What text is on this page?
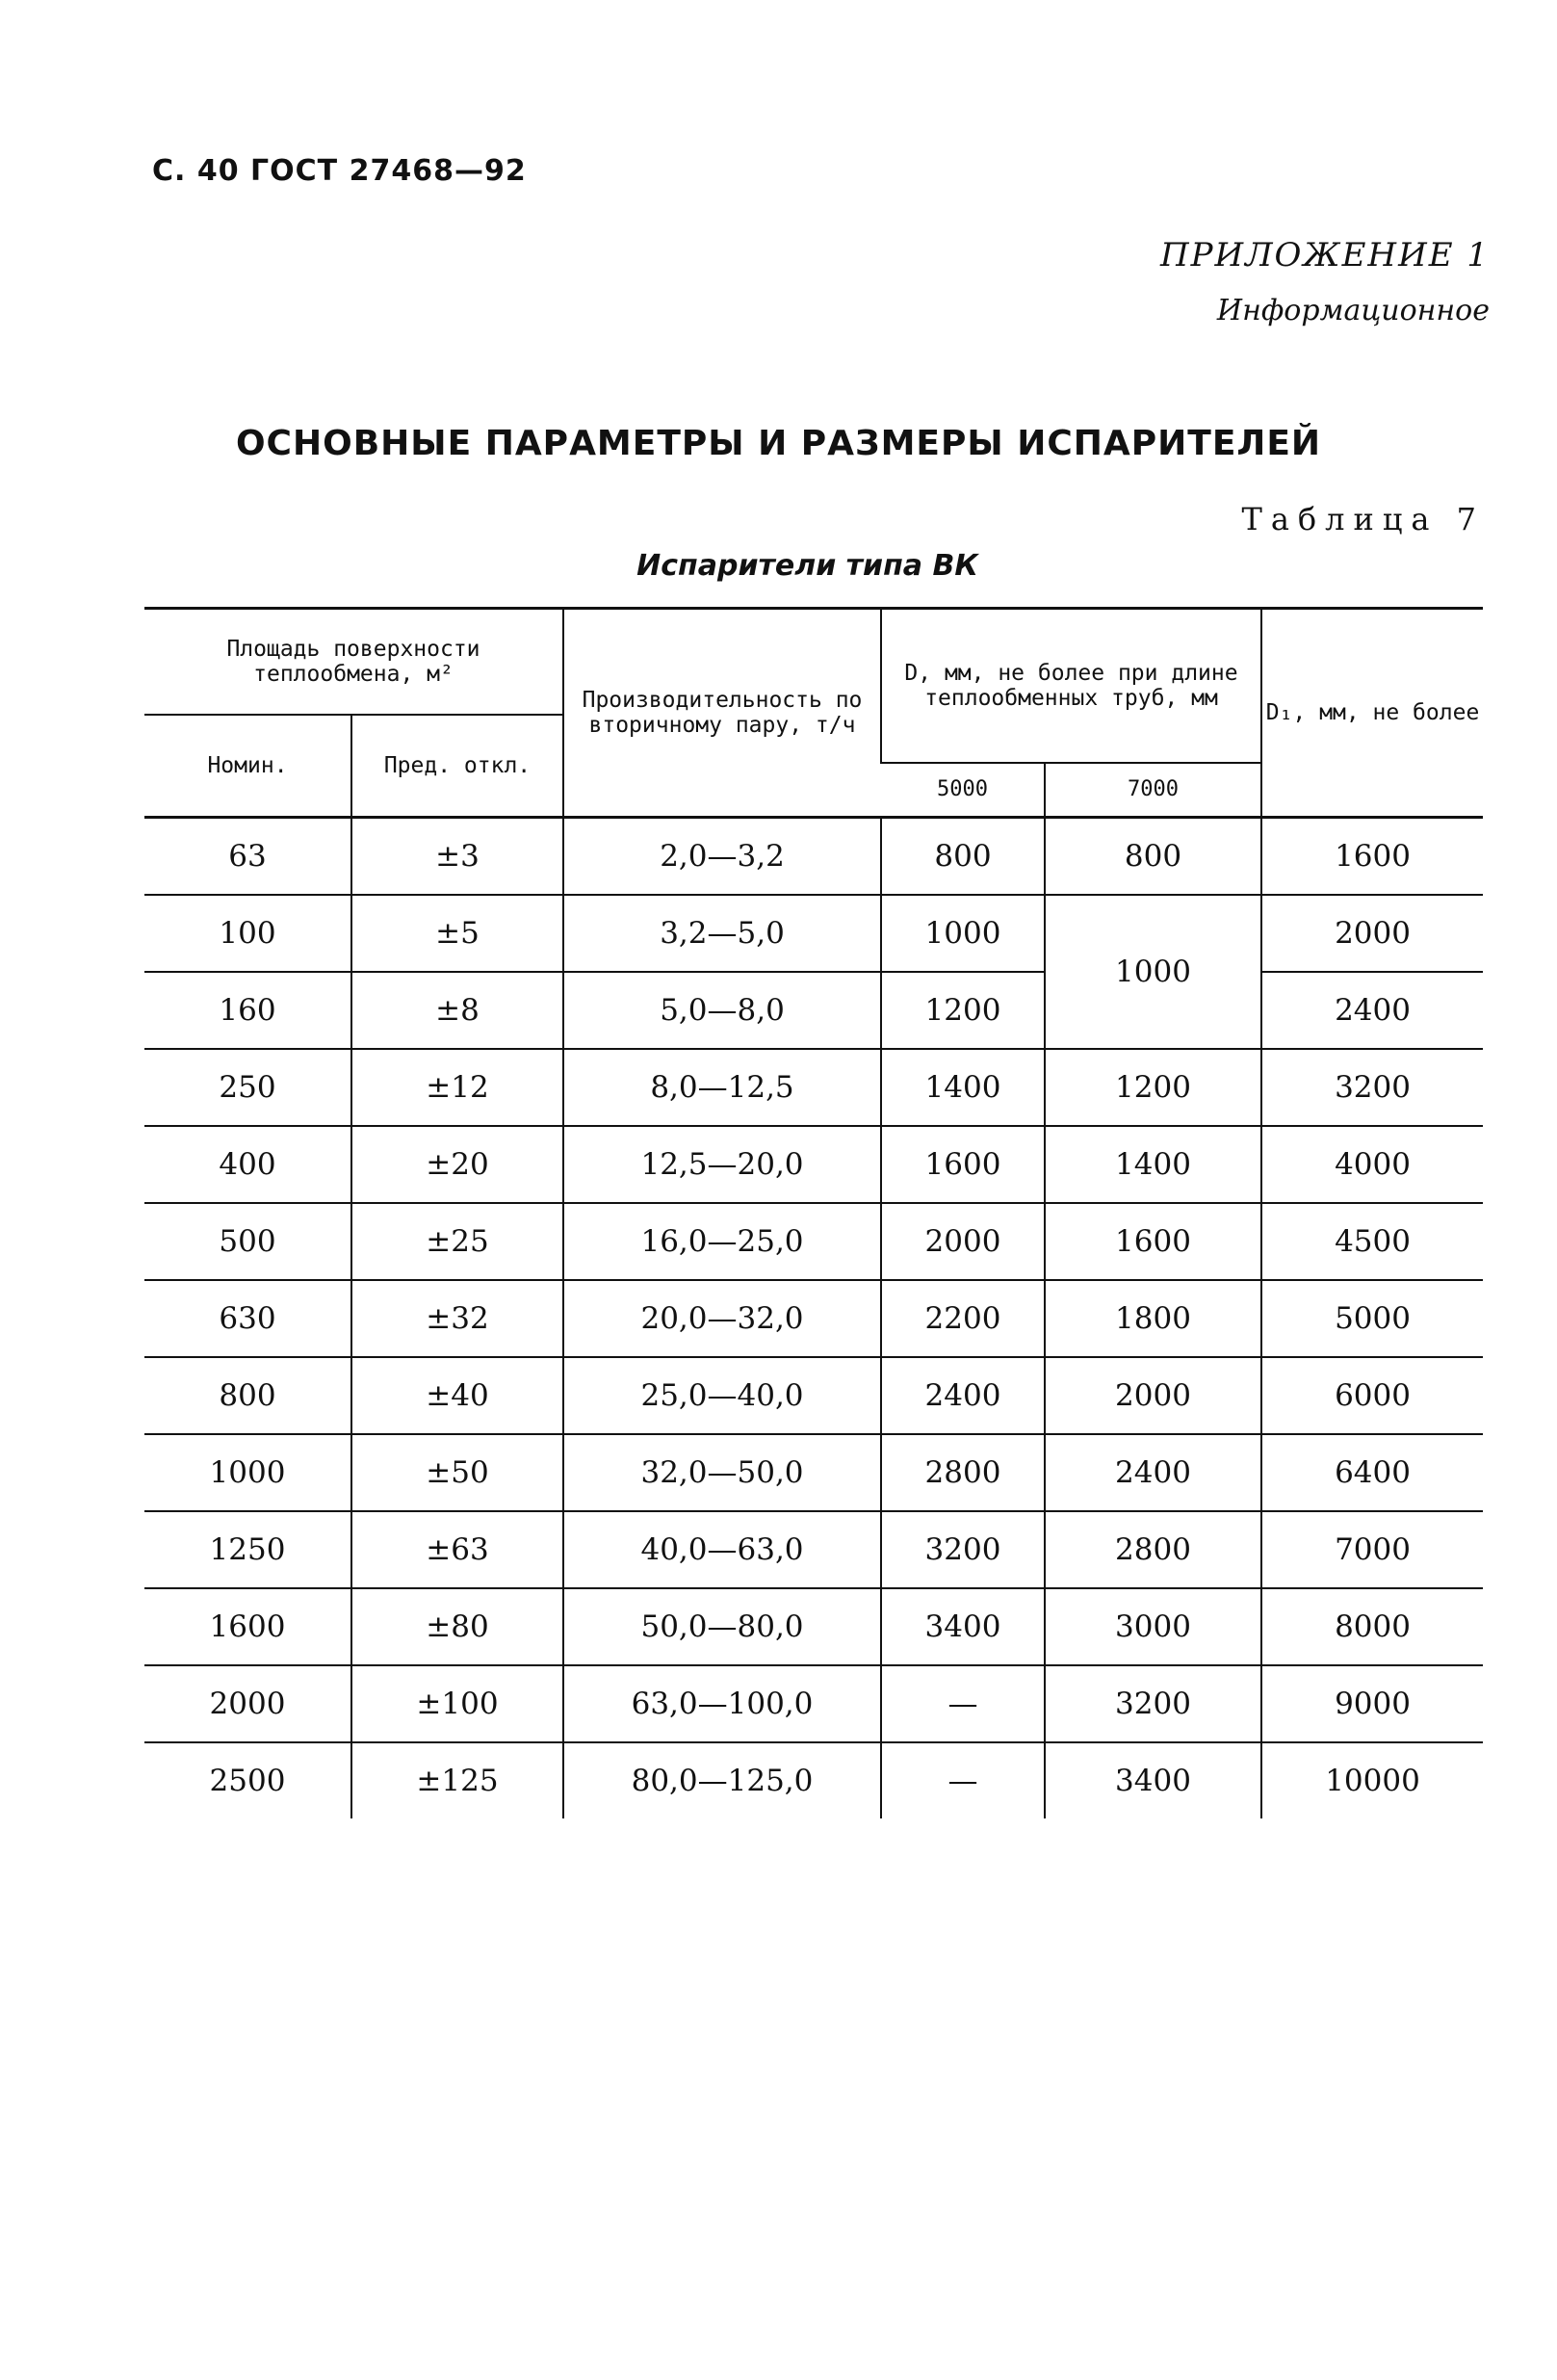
С. 40 ГОСТ 27468—92
ПРИЛОЖЕНИЕ 1
Информационное
ОСНОВНЫЕ ПАРАМЕТРЫ И РАЗМЕРЫ ИСПАРИТЕЛЕЙ
Таблица 7
Испарители типа ВК
Площадь поверхности теплообмена, м²		Производительность по вторичному пару, т/ч	D, мм, не более при длине теплообменных труб, мм		D₁, мм, не более
Номин.	Пред. откл.				
			5000	7000	
63	±3	2,0—3,2	800	800	1600
100	±5	3,2—5,0	1000	1000	2000
160	±8	5,0—8,0	1200		2400
250	±12	8,0—12,5	1400	1200	3200
400	±20	12,5—20,0	1600	1400	4000
500	±25	16,0—25,0	2000	1600	4500
630	±32	20,0—32,0	2200	1800	5000
800	±40	25,0—40,0	2400	2000	6000
1000	±50	32,0—50,0	2800	2400	6400
1250	±63	40,0—63,0	3200	2800	7000
1600	±80	50,0—80,0	3400	3000	8000
2000	±100	63,0—100,0	—	3200	9000
2500	±125	80,0—125,0	—	3400	10000
